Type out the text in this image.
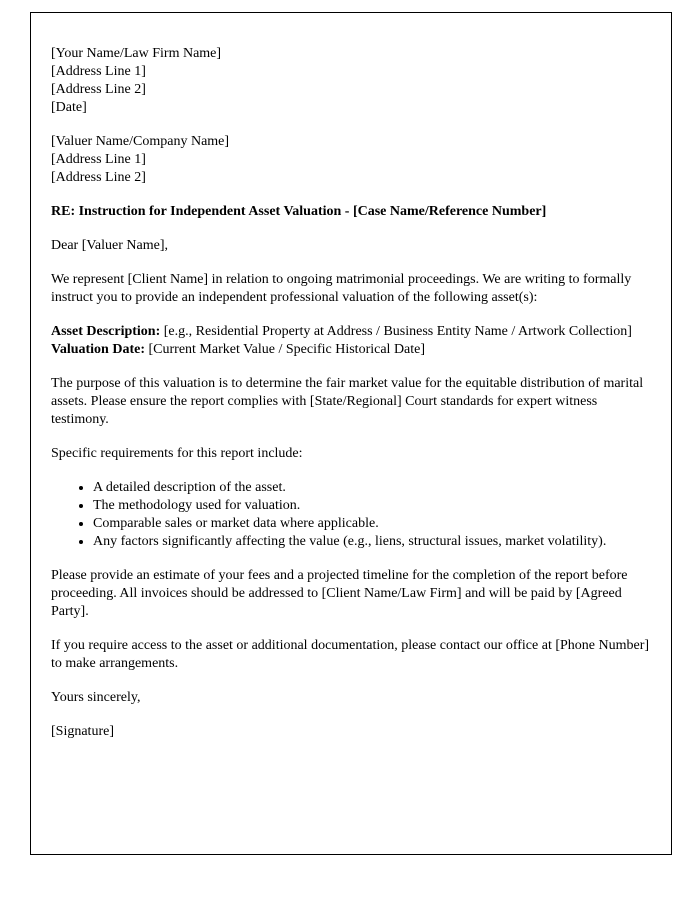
[Your Name/Law Firm Name]
[Address Line 1]
[Address Line 2]
[Date]
[Valuer Name/Company Name]
[Address Line 1]
[Address Line 2]
RE: Instruction for Independent Asset Valuation - [Case Name/Reference Number]
Dear [Valuer Name],
We represent [Client Name] in relation to ongoing matrimonial proceedings. We are writing to formally instruct you to provide an independent professional valuation of the following asset(s):
Asset Description: [e.g., Residential Property at Address / Business Entity Name / Artwork Collection]
Valuation Date: [Current Market Value / Specific Historical Date]
The purpose of this valuation is to determine the fair market value for the equitable distribution of marital assets. Please ensure the report complies with [State/Regional] Court standards for expert witness testimony.
Specific requirements for this report include:
• A detailed description of the asset.
• The methodology used for valuation.
• Comparable sales or market data where applicable.
• Any factors significantly affecting the value (e.g., liens, structural issues, market volatility).
Please provide an estimate of your fees and a projected timeline for the completion of the report before proceeding. All invoices should be addressed to [Client Name/Law Firm] and will be paid by [Agreed Party].
If you require access to the asset or additional documentation, please contact our office at [Phone Number] to make arrangements.
Yours sincerely,
[Signature]
